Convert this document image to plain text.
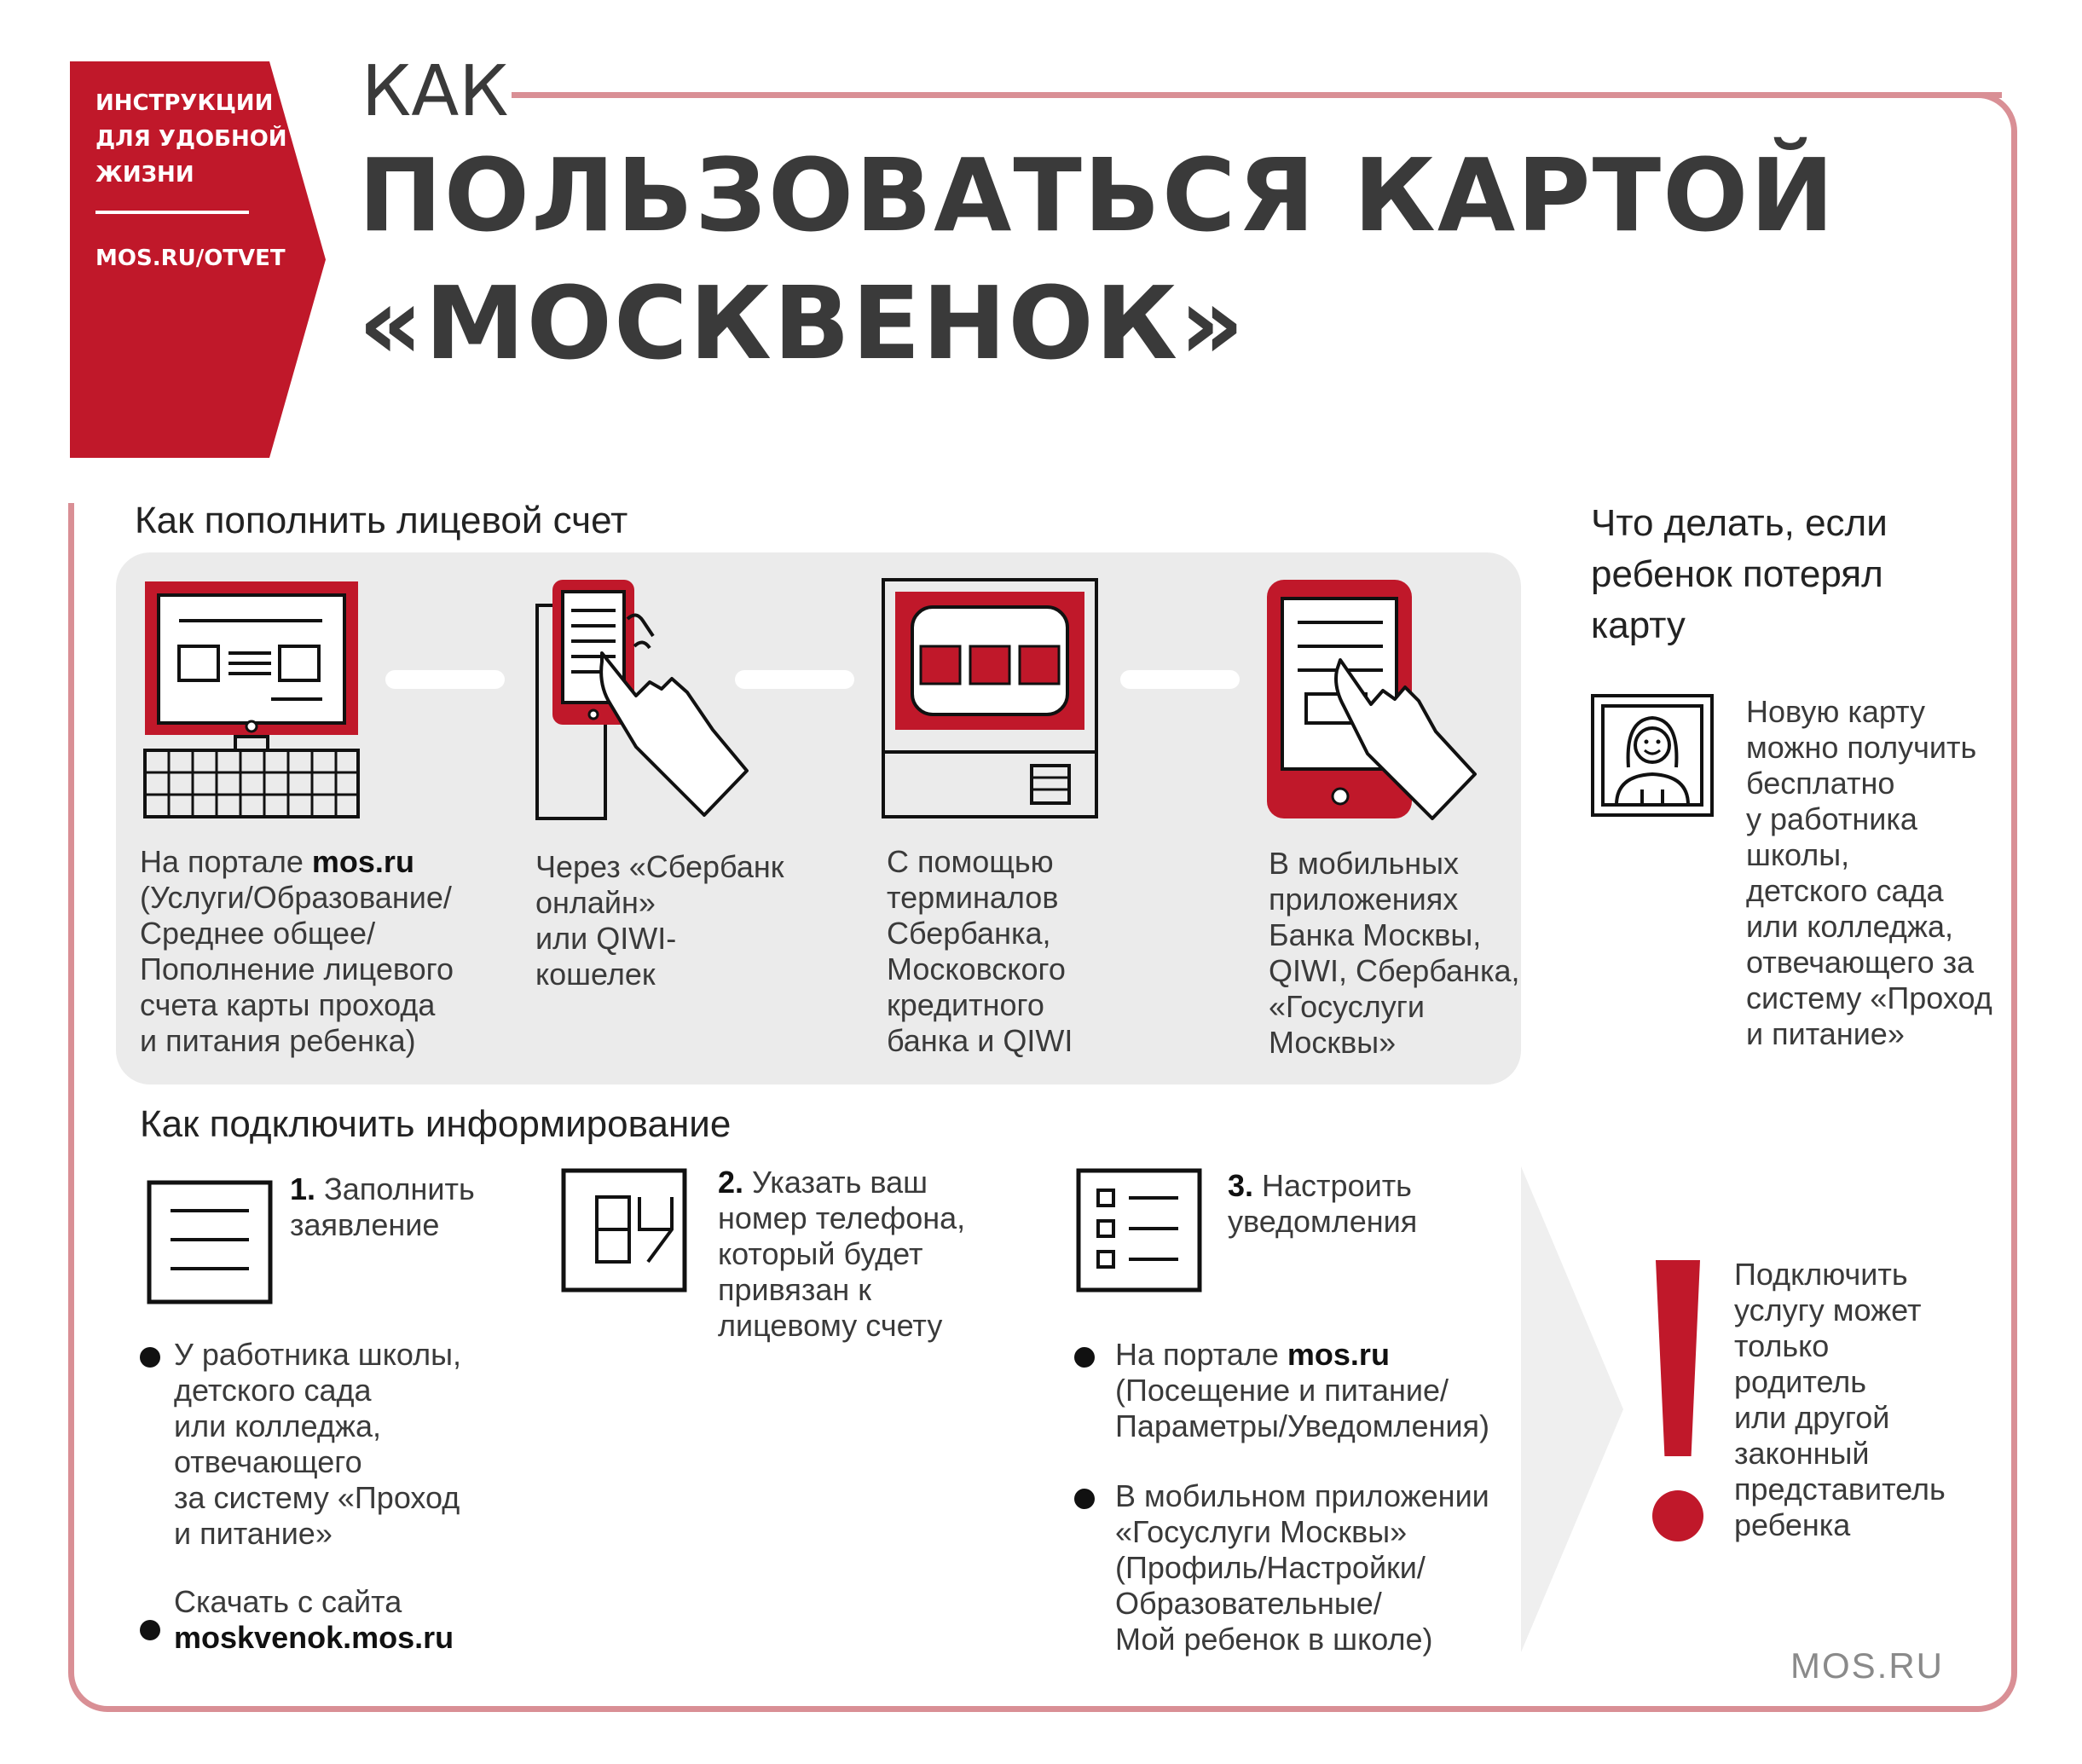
ИНСТРУКЦИИ
ДЛЯ УДОБНОЙ
ЖИЗНИ
MOS.RU/OTVET
КАК
ПОЛЬЗОВАТЬСЯ КАРТОЙ
«МОСКВЕНОК»
Как пополнить лицевой счет
На портале mos.ru
(Услуги/Образование/
Среднее общее/
Пополнение лицевого
счета карты прохода
и питания ребенка)
Через «Сбербанк
онлайн»
или QIWI-
кошелек
С помощью
терминалов
Сбербанка,
Московского
кредитного
банка и QIWI
В мобильных
приложениях
Банка Москвы,
QIWI, Сбербанка,
«Госуслуги
Москвы»
Что делать, если
ребенок потерял
карту
Новую карту
можно получить
бесплатно
у работника
школы,
детского сада
или колледжа,
отвечающего за
систему «Проход
и питание»
Как подключить информирование
1. Заполнить
заявление
2. Указать ваш
номер телефона,
который будет
привязан к
лицевому счету
3. Настроить
уведомления
У работника школы,
детского сада
или колледжа,
отвечающего
за систему «Проход
и питание»
Скачать с сайта
moskvenok.mos.ru
На портале mos.ru
(Посещение и питание/
Параметры/Уведомления)
В мобильном приложении
«Госуслуги Москвы»
(Профиль/Настройки/
Образовательные/
Мой ребенок в школе)
Подключить
услугу может
только
родитель
или другой
законный
представитель
ребенка
MOS.RU
